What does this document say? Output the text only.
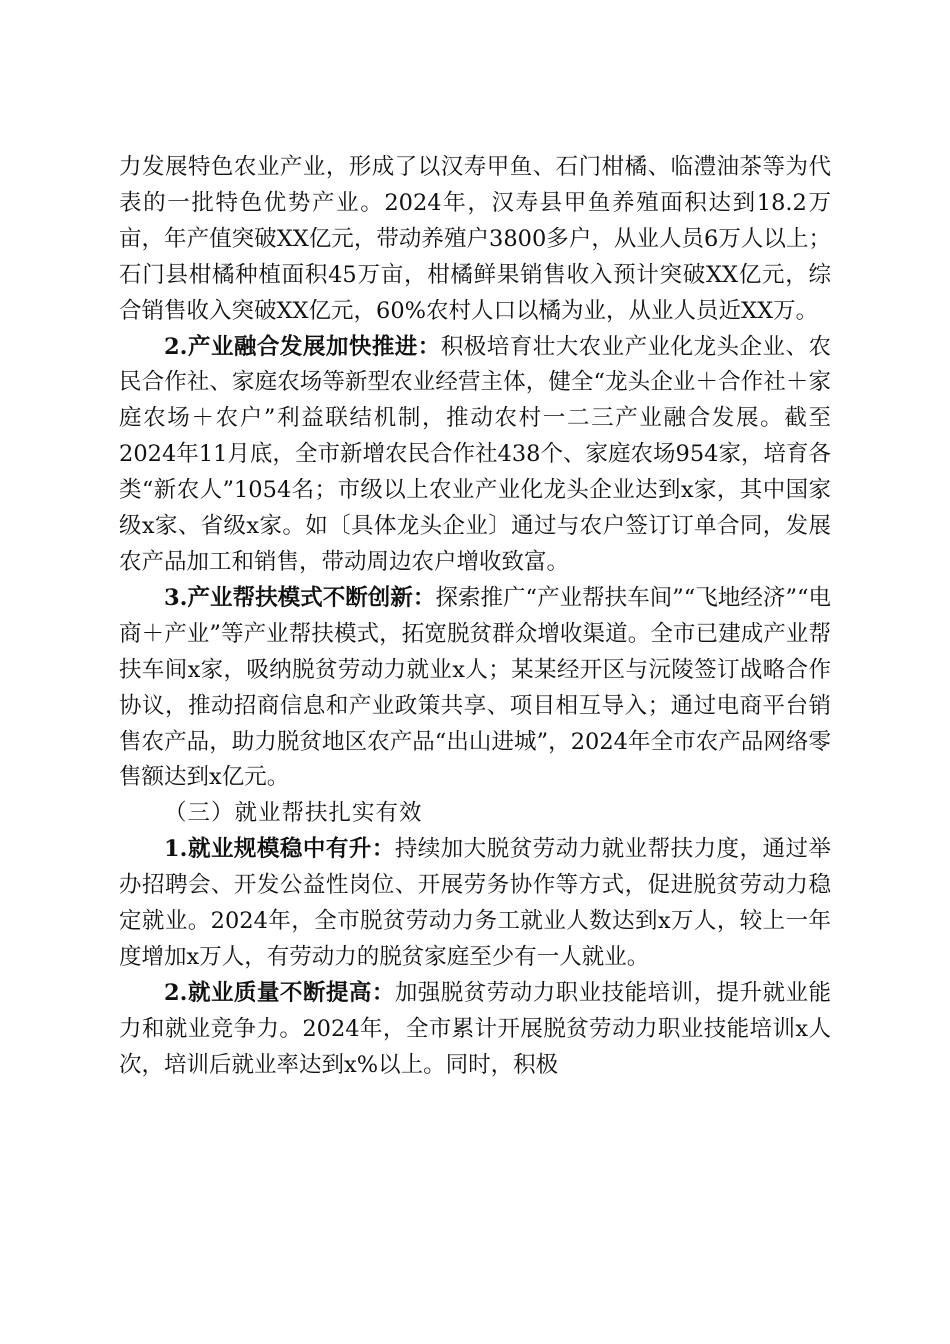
力发展特色农业产业，形成了以汉寿甲鱼、石门柑橘、临澧油茶等为代表的一批特色优势产业。2024年，汉寿县甲鱼养殖面积达到18.2万亩，年产值突破XX亿元，带动养殖户3800多户，从业人员6万人以上；石门县柑橘种植面积45万亩，柑橘鲜果销售收入预计突破XX亿元，综合销售收入突破XX亿元，60%农村人口以橘为业，从业人员近XX万。

2.产业融合发展加快推进：积极培育壮大农业产业化龙头企业、农民合作社、家庭农场等新型农业经营主体，健全“龙头企业＋合作社＋家庭农场＋农户”利益联结机制，推动农村一二三产业融合发展。截至2024年11月底，全市新增农民合作社438个、家庭农场954家，培育各类“新农人”1054名；市级以上农业产业化龙头企业达到x家，其中国家级x家、省级x家。如〔具体龙头企业〕通过与农户签订订单合同，发展农产品加工和销售，带动周边农户增收致富。

3.产业帮扶模式不断创新：探索推广“产业帮扶车间”“飞地经济”“电商＋产业”等产业帮扶模式，拓宽脱贫群众增收渠道。全市已建成产业帮扶车间x家，吸纳脱贫劳动力就业x人；某某经开区与沅陵签订战略合作协议，推动招商信息和产业政策共享、项目相互导入；通过电商平台销售农产品，助力脱贫地区农产品“出山进城”，2024年全市农产品网络零售额达到x亿元。

（三）就业帮扶扎实有效

1.就业规模稳中有升：持续加大脱贫劳动力就业帮扶力度，通过举办招聘会、开发公益性岗位、开展劳务协作等方式，促进脱贫劳动力稳定就业。2024年，全市脱贫劳动力务工就业人数达到x万人，较上一年度增加x万人，有劳动力的脱贫家庭至少有一人就业。

2.就业质量不断提高：加强脱贫劳动力职业技能培训，提升就业能力和就业竞争力。2024年，全市累计开展脱贫劳动力职业技能培训x人次，培训后就业率达到x%以上。同时，积极
